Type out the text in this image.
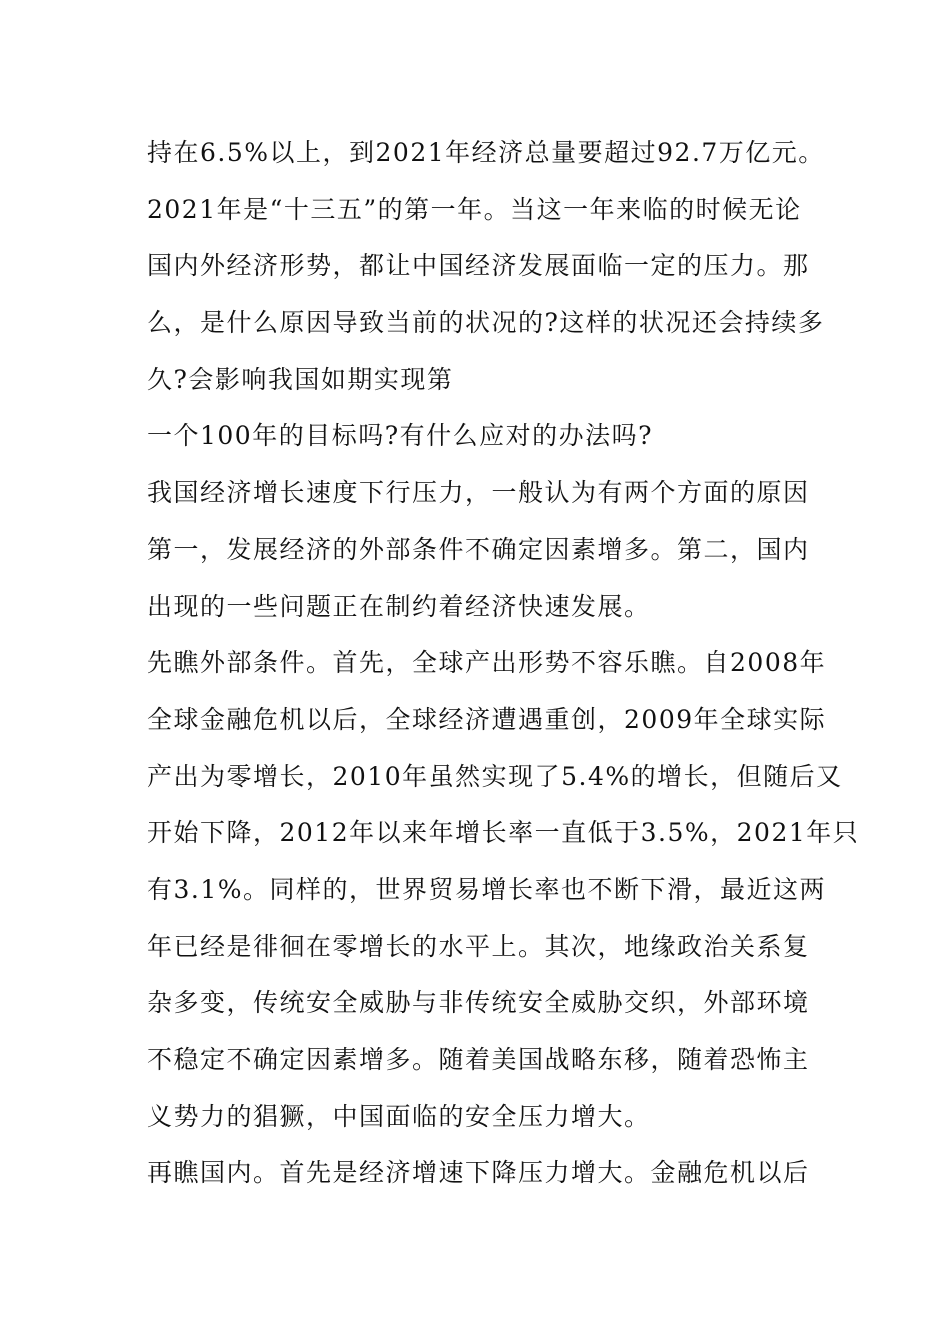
持在6.5%以上，到2021年经济总量要超过92.7万亿元。
2021年是“十三五”的第一年。当这一年来临的时候无论
国内外经济形势，都让中国经济发展面临一定的压力。那
么，是什么原因导致当前的状况的?这样的状况还会持续多
久?会影响我国如期实现第
一个100年的目标吗?有什么应对的办法吗?
我国经济增长速度下行压力，一般认为有两个方面的原因
第一，发展经济的外部条件不确定因素增多。第二，国内
出现的一些问题正在制约着经济快速发展。
先瞧外部条件。首先，全球产出形势不容乐瞧。自2008年
全球金融危机以后，全球经济遭遇重创，2009年全球实际
产出为零增长，2010年虽然实现了5.4%的增长，但随后又
开始下降，2012年以来年增长率一直低于3.5%，2021年只
有3.1%。同样的，世界贸易增长率也不断下滑，最近这两
年已经是徘徊在零增长的水平上。其次，地缘政治关系复
杂多变，传统安全威胁与非传统安全威胁交织，外部环境
不稳定不确定因素增多。随着美国战略东移，随着恐怖主
义势力的猖獗，中国面临的安全压力增大。
再瞧国内。首先是经济增速下降压力增大。金融危机以后
